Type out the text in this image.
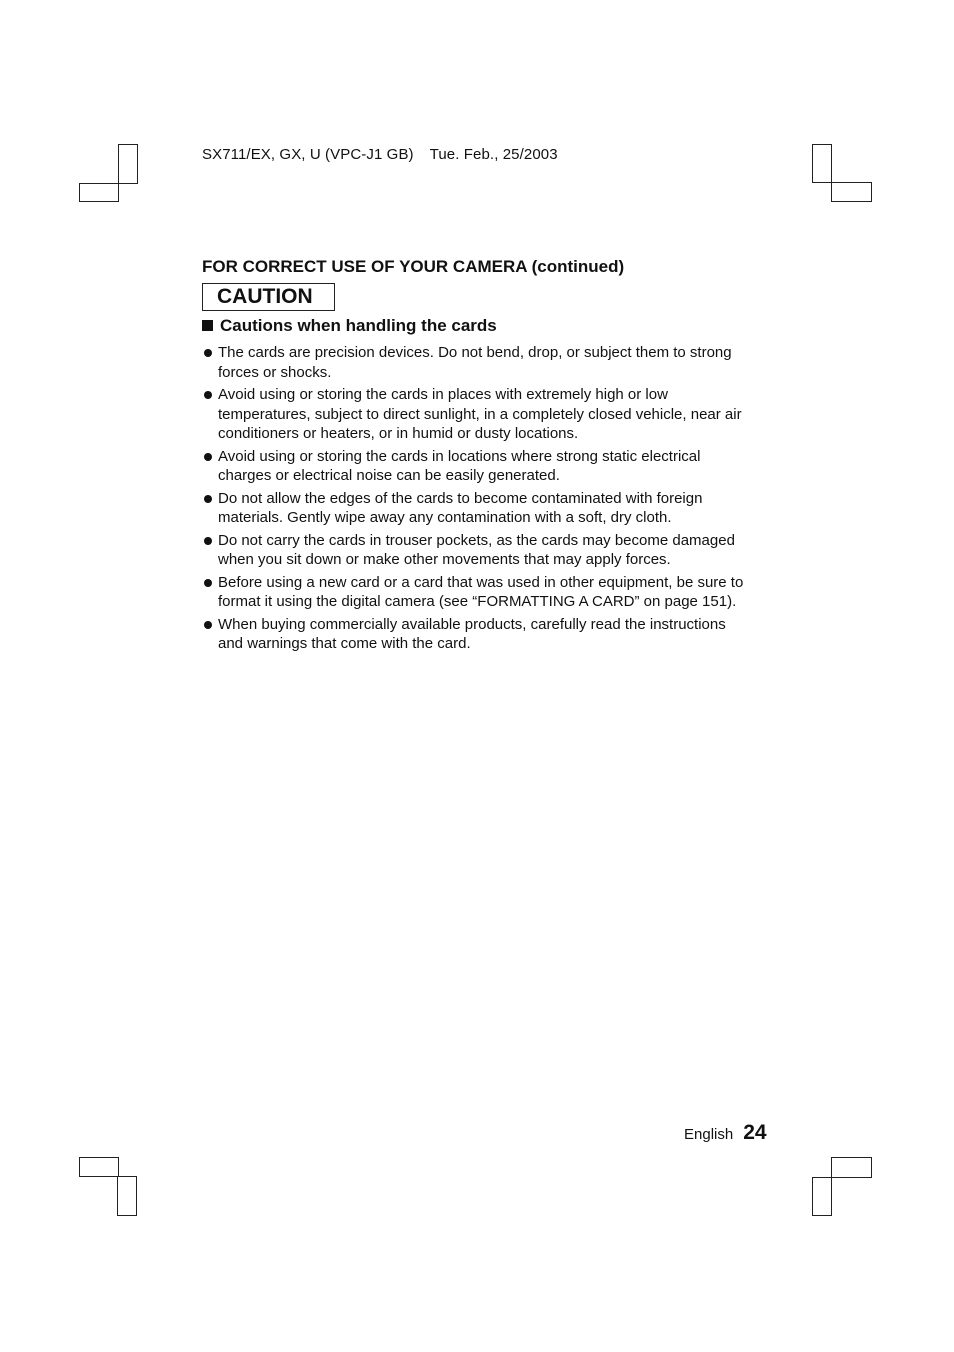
SX711/EX, GX, U (VPC-J1 GB) Tue. Feb., 25/2003
FOR CORRECT USE OF YOUR CAMERA (continued)
CAUTION
Cautions when handling the cards
The cards are precision devices. Do not bend, drop, or subject them to strong forces or shocks.
Avoid using or storing the cards in places with extremely high or low temperatures, subject to direct sunlight, in a completely closed vehicle, near air conditioners or heaters, or in humid or dusty locations.
Avoid using or storing the cards in locations where strong static electrical charges or electrical noise can be easily generated.
Do not allow the edges of the cards to become contaminated with foreign materials. Gently wipe away any contamination with a soft, dry cloth.
Do not carry the cards in trouser pockets, as the cards may become damaged when you sit down or make other movements that may apply forces.
Before using a new card or a card that was used in other equipment, be sure to format it using the digital camera (see “FORMATTING A CARD” on page 151).
When buying commercially available products, carefully read the instructions and warnings that come with the card.
English 24
